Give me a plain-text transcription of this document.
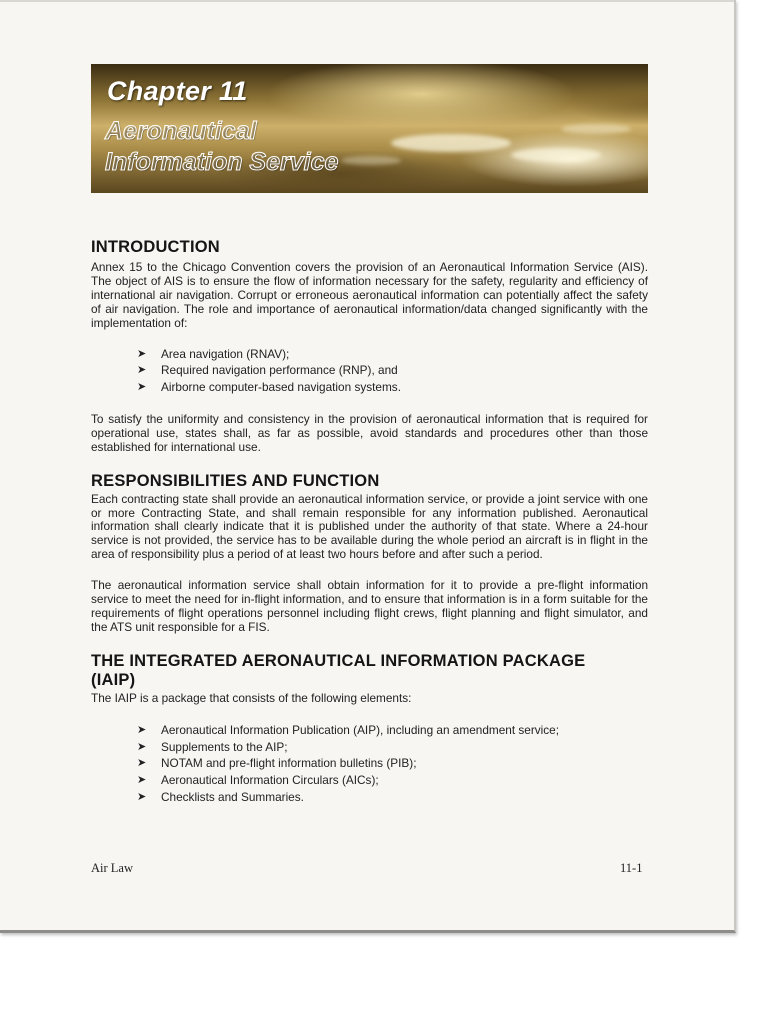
Chapter 11
Aeronautical
Information Service
INTRODUCTION

Annex 15 to the Chicago Convention covers the provision of an Aeronautical Information Service (AIS). The object of AIS is to ensure the flow of information necessary for the safety, regularity and efficiency of international air navigation. Corrupt or erroneous aeronautical information can potentially affect the safety of air navigation. The role and importance of aeronautical information/data changed significantly with the implementation of:

➤ Area navigation (RNAV);
➤ Required navigation performance (RNP), and
➤ Airborne computer-based navigation systems.

To satisfy the uniformity and consistency in the provision of aeronautical information that is required for operational use, states shall, as far as possible, avoid standards and procedures other than those established for international use.

RESPONSIBILITIES AND FUNCTION

Each contracting state shall provide an aeronautical information service, or provide a joint service with one or more Contracting State, and shall remain responsible for any information published. Aeronautical information shall clearly indicate that it is published under the authority of that state. Where a 24-hour service is not provided, the service has to be available during the whole period an aircraft is in flight in the area of responsibility plus a period of at least two hours before and after such a period.

The aeronautical information service shall obtain information for it to provide a pre-flight information service to meet the need for in-flight information, and to ensure that information is in a form suitable for the requirements of flight operations personnel including flight crews, flight planning and flight simulator, and the ATS unit responsible for a FIS.

THE INTEGRATED AERONAUTICAL INFORMATION PACKAGE
(IAIP)

The IAIP is a package that consists of the following elements:

➤ Aeronautical Information Publication (AIP), including an amendment service;
➤ Supplements to the AIP;
➤ NOTAM and pre-flight information bulletins (PIB);
➤ Aeronautical Information Circulars (AICs);
➤ Checklists and Summaries.
Air Law	11-1
